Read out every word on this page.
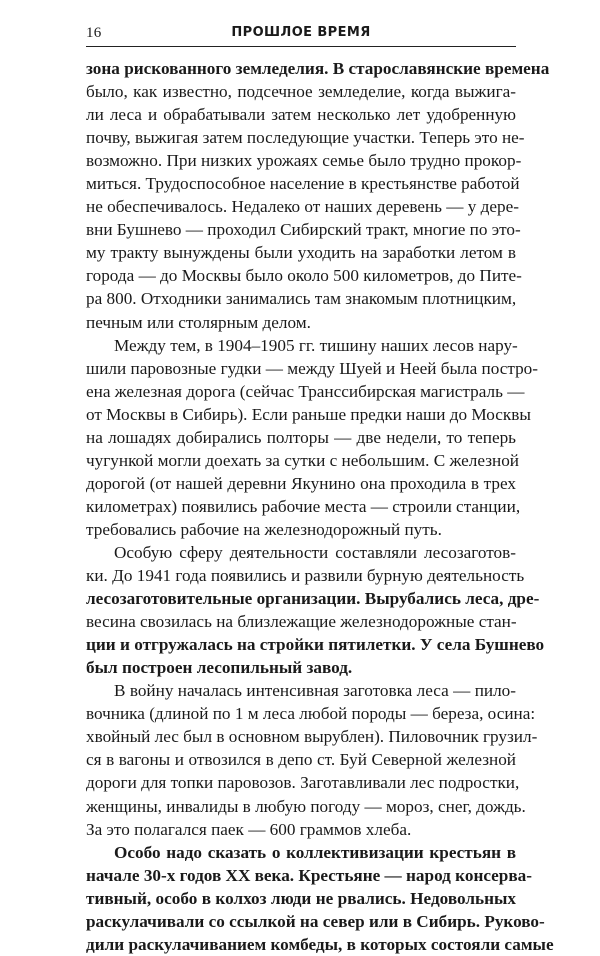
16	ПРОШЛОЕ ВРЕМЯ
зона рискованного земледелия. В старославянские времена
было, как известно, подсечное земледелие, когда выжига-
ли леса и обрабатывали затем несколько лет удобренную
почву, выжигая затем последующие участки. Теперь это не-
возможно. При низких урожаях семье было трудно прокор-
миться. Трудоспособное население в крестьянстве работой
не обеспечивалось. Недалеко от наших деревень — у дере-
вни Бушнево — проходил Сибирский тракт, многие по это-
му тракту вынуждены были уходить на заработки летом в
города — до Москвы было около 500 километров, до Пите-
ра 800. Отходники занимались там знакомым плотницким,
печным или столярным делом.
Между тем, в 1904–1905 гг. тишину наших лесов нару-
шили паровозные гудки — между Шуей и Неей была постро-
ена железная дорога (сейчас Транссибирская магистраль —
от Москвы в Сибирь). Если раньше предки наши до Москвы
на лошадях добирались полторы — две недели, то теперь
чугункой могли доехать за сутки с небольшим. С железной
дорогой (от нашей деревни Якунино она проходила в трех
километрах) появились рабочие места — строили станции,
требовались рабочие на железнодорожный путь.
Особую сферу деятельности составляли лесозаготов-
ки. До 1941 года появились и развили бурную деятельность
лесозаготовительные организации. Вырубались леса, дре-
весина свозилась на близлежащие железнодорожные стан-
ции и отгружалась на стройки пятилетки. У села Бушнево
был построен лесопильный завод.
В войну началась интенсивная заготовка леса — пило-
вочника (длиной по 1 м леса любой породы — береза, осина:
хвойный лес был в основном вырублен). Пиловочник грузил-
ся в вагоны и отвозился в депо ст. Буй Северной железной
дороги для топки паровозов. Заготавливали лес подростки,
женщины, инвалиды в любую погоду — мороз, снег, дождь.
За это полагался паек — 600 граммов хлеба.
Особо надо сказать о коллективизации крестьян в
начале 30-х годов XX века. Крестьяне — народ консерва-
тивный, особо в колхоз люди не рвались. Недовольных
раскулачивали со ссылкой на север или в Сибирь. Руково-
дили раскулачиванием комбеды, в которых состояли самые
